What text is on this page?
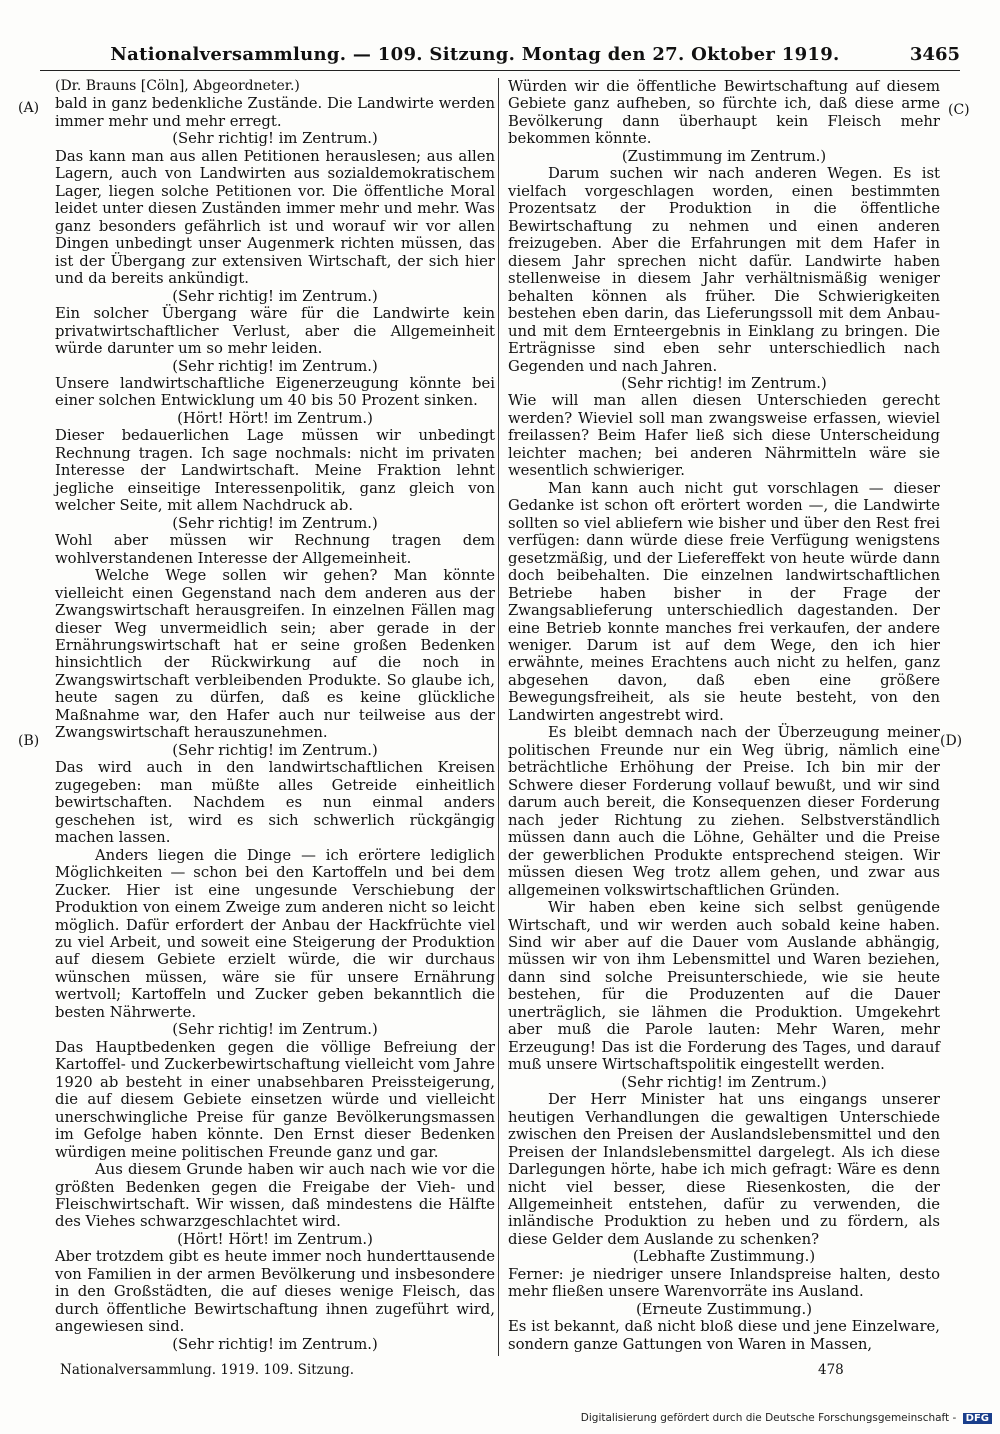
Nationalversammlung. — 109. Sitzung. Montag den 27. Oktober 1919.	3465
(A)
(B)
(C)
(D)

(Dr. Brauns [Cöln], Abgeordneter.)

bald in ganz bedenkliche Zustände. Die Landwirte werden immer mehr und mehr erregt.

(Sehr richtig! im Zentrum.)

Das kann man aus allen Petitionen herauslesen; aus allen Lagern, auch von Landwirten aus sozialdemokratischem Lager, liegen solche Petitionen vor. Die öffentliche Moral leidet unter diesen Zuständen immer mehr und mehr. Was ganz besonders gefährlich ist und worauf wir vor allen Dingen unbedingt unser Augenmerk richten müssen, das ist der Übergang zur extensiven Wirtschaft, der sich hier und da bereits ankündigt.

(Sehr richtig! im Zentrum.)

Ein solcher Übergang wäre für die Landwirte kein privatwirtschaftlicher Verlust, aber die Allgemeinheit würde darunter um so mehr leiden.

(Sehr richtig! im Zentrum.)

Unsere landwirtschaftliche Eigenerzeugung könnte bei einer solchen Entwicklung um 40 bis 50 Prozent sinken.

(Hört! Hört! im Zentrum.)

Dieser bedauerlichen Lage müssen wir unbedingt Rechnung tragen. Ich sage nochmals: nicht im privaten Interesse der Landwirtschaft. Meine Fraktion lehnt jegliche einseitige Interessenpolitik, ganz gleich von welcher Seite, mit allem Nachdruck ab.

(Sehr richtig! im Zentrum.)

Wohl aber müssen wir Rechnung tragen dem wohlverstandenen Interesse der Allgemeinheit.

Welche Wege sollen wir gehen? Man könnte vielleicht einen Gegenstand nach dem anderen aus der Zwangswirtschaft herausgreifen. In einzelnen Fällen mag dieser Weg unvermeidlich sein; aber gerade in der Ernährungswirtschaft hat er seine großen Bedenken hinsichtlich der Rückwirkung auf die noch in Zwangswirtschaft verbleibenden Produkte. So glaube ich, heute sagen zu dürfen, daß es keine glückliche Maßnahme war, den Hafer auch nur teilweise aus der Zwangswirtschaft herauszunehmen.

(Sehr richtig! im Zentrum.)

Das wird auch in den landwirtschaftlichen Kreisen zugegeben: man müßte alles Getreide einheitlich bewirtschaften. Nachdem es nun einmal anders geschehen ist, wird es sich schwerlich rückgängig machen lassen.

Anders liegen die Dinge — ich erörtere lediglich Möglichkeiten — schon bei den Kartoffeln und bei dem Zucker. Hier ist eine ungesunde Verschiebung der Produktion von einem Zweige zum anderen nicht so leicht möglich. Dafür erfordert der Anbau der Hackfrüchte viel zu viel Arbeit, und soweit eine Steigerung der Produktion auf diesem Gebiete erzielt würde, die wir durchaus wünschen müssen, wäre sie für unsere Ernährung wertvoll; Kartoffeln und Zucker geben bekanntlich die besten Nährwerte.

(Sehr richtig! im Zentrum.)

Das Hauptbedenken gegen die völlige Befreiung der Kartoffel- und Zuckerbewirtschaftung vielleicht vom Jahre 1920 ab besteht in einer unabsehbaren Preissteigerung, die auf diesem Gebiete einsetzen würde und vielleicht unerschwingliche Preise für ganze Bevölkerungsmassen im Gefolge haben könnte. Den Ernst dieser Bedenken würdigen meine politischen Freunde ganz und gar.

Aus diesem Grunde haben wir auch nach wie vor die größten Bedenken gegen die Freigabe der Vieh- und Fleischwirtschaft. Wir wissen, daß mindestens die Hälfte des Viehes schwarzgeschlachtet wird.

(Hört! Hört! im Zentrum.)

Aber trotzdem gibt es heute immer noch hunderttausende von Familien in der armen Bevölkerung und insbesondere in den Großstädten, die auf dieses wenige Fleisch, das durch öffentliche Bewirtschaftung ihnen zugeführt wird, angewiesen sind.

(Sehr richtig! im Zentrum.)

Würden wir die öffentliche Bewirtschaftung auf diesem Gebiete ganz aufheben, so fürchte ich, daß diese arme Bevölkerung dann überhaupt kein Fleisch mehr bekommen könnte.

(Zustimmung im Zentrum.)

Darum suchen wir nach anderen Wegen. Es ist vielfach vorgeschlagen worden, einen bestimmten Prozentsatz der Produktion in die öffentliche Bewirtschaftung zu nehmen und einen anderen freizugeben. Aber die Erfahrungen mit dem Hafer in diesem Jahr sprechen nicht dafür. Landwirte haben stellenweise in diesem Jahr verhältnismäßig weniger behalten können als früher. Die Schwierigkeiten bestehen eben darin, das Lieferungssoll mit dem Anbau- und mit dem Ernteergebnis in Einklang zu bringen. Die Erträgnisse sind eben sehr unterschiedlich nach Gegenden und nach Jahren.

(Sehr richtig! im Zentrum.)

Wie will man allen diesen Unterschieden gerecht werden? Wieviel soll man zwangsweise erfassen, wieviel freilassen? Beim Hafer ließ sich diese Unterscheidung leichter machen; bei anderen Nährmitteln wäre sie wesentlich schwieriger.

Man kann auch nicht gut vorschlagen — dieser Gedanke ist schon oft erörtert worden —, die Landwirte sollten so viel abliefern wie bisher und über den Rest frei verfügen: dann würde diese freie Verfügung wenigstens gesetzmäßig, und der Liefereffekt von heute würde dann doch beibehalten. Die einzelnen landwirtschaftlichen Betriebe haben bisher in der Frage der Zwangsablieferung unterschiedlich dagestanden. Der eine Betrieb konnte manches frei verkaufen, der andere weniger. Darum ist auf dem Wege, den ich hier erwähnte, meines Erachtens auch nicht zu helfen, ganz abgesehen davon, daß eben eine größere Bewegungsfreiheit, als sie heute besteht, von den Landwirten angestrebt wird.

Es bleibt demnach nach der Überzeugung meiner politischen Freunde nur ein Weg übrig, nämlich eine beträchtliche Erhöhung der Preise. Ich bin mir der Schwere dieser Forderung vollauf bewußt, und wir sind darum auch bereit, die Konsequenzen dieser Forderung nach jeder Richtung zu ziehen. Selbstverständlich müssen dann auch die Löhne, Gehälter und die Preise der gewerblichen Produkte entsprechend steigen. Wir müssen diesen Weg trotz allem gehen, und zwar aus allgemeinen volkswirtschaftlichen Gründen.

Wir haben eben keine sich selbst genügende Wirtschaft, und wir werden auch sobald keine haben. Sind wir aber auf die Dauer vom Auslande abhängig, müssen wir von ihm Lebensmittel und Waren beziehen, dann sind solche Preisunterschiede, wie sie heute bestehen, für die Produzenten auf die Dauer unerträglich, sie lähmen die Produktion. Umgekehrt aber muß die Parole lauten: Mehr Waren, mehr Erzeugung! Das ist die Forderung des Tages, und darauf muß unsere Wirtschaftspolitik eingestellt werden.

(Sehr richtig! im Zentrum.)

Der Herr Minister hat uns eingangs unserer heutigen Verhandlungen die gewaltigen Unterschiede zwischen den Preisen der Auslandslebensmittel und den Preisen der Inlandslebensmittel dargelegt. Als ich diese Darlegungen hörte, habe ich mich gefragt: Wäre es denn nicht viel besser, diese Riesenkosten, die der Allgemeinheit entstehen, dafür zu verwenden, die inländische Produktion zu heben und zu fördern, als diese Gelder dem Auslande zu schenken?

(Lebhafte Zustimmung.)

Ferner: je niedriger unsere Inlandspreise halten, desto mehr fließen unsere Warenvorräte ins Ausland.

(Erneute Zustimmung.)

Es ist bekannt, daß nicht bloß diese und jene Einzelware, sondern ganze Gattungen von Waren in Massen,

Nationalversammlung. 1919. 109. Sitzung.	478
Digitalisierung gefördert durch die Deutsche Forschungsgemeinschaft - DFG
